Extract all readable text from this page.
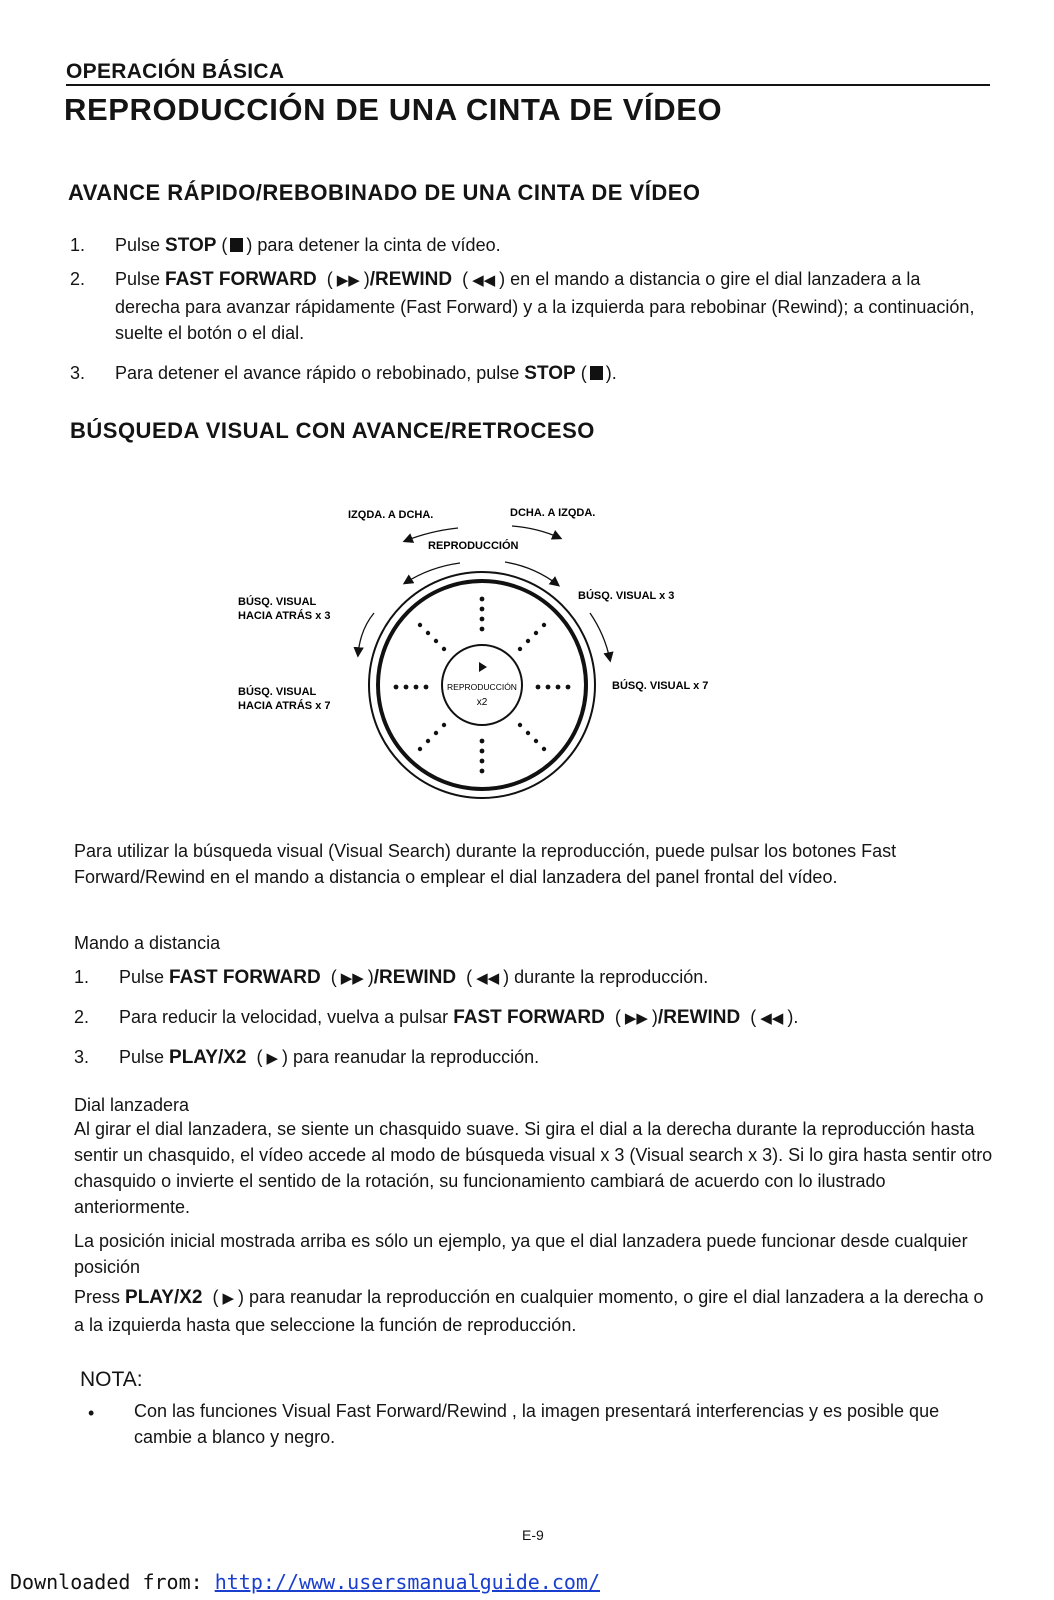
OPERACIÓN BÁSICA
REPRODUCCIÓN DE UNA CINTA DE VÍDEO
AVANCE RÁPIDO/REBOBINADO DE UNA CINTA DE VÍDEO
1. Pulse STOP ( ) para detener la cinta de vídeo.
2. Pulse FAST FORWARD  ( ▶▶ )/REWIND  ( ◀◀ ) en el mando a distancia o gire el dial lanzadera a la derecha para avanzar rápidamente (Fast Forward) y a la izquierda para rebobinar (Rewind); a continuación, suelte el botón o el dial.
3. Para detener el avance rápido o rebobinado, pulse STOP ( ).
BÚSQUEDA VISUAL CON AVANCE/RETROCESO
IZQDA. A DCHA.	DCHA. A IZQDA.
REPRODUCCIÓN
BÚSQ. VISUAL
HACIA ATRÁS x 3
BÚSQ. VISUAL
HACIA ATRÁS x 7
BÚSQ. VISUAL x 3
BÚSQ. VISUAL x 7
REPRODUCCIÓN
x2
Para utilizar la búsqueda visual (Visual Search) durante la reproducción, puede pulsar los botones Fast Forward/Rewind en el mando a distancia o emplear el dial lanzadera del panel frontal del vídeo.
Mando a distancia
1. Pulse FAST FORWARD  ( ▶▶ )/REWIND  ( ◀◀ ) durante la reproducción.
2. Para reducir la velocidad, vuelva a pulsar FAST FORWARD  ( ▶▶ )/REWIND  ( ◀◀ ).
3. Pulse PLAY/X2  ( ▶ ) para reanudar la reproducción.
Dial lanzadera
Al girar el dial lanzadera, se siente un chasquido suave. Si gira el dial a la derecha durante la reproducción hasta sentir un chasquido, el vídeo accede al modo de búsqueda visual x 3 (Visual search x 3). Si lo gira hasta sentir otro chasquido o invierte el sentido de la rotación, su funcionamiento cambiará de acuerdo con lo ilustrado anteriormente.
La posición inicial mostrada arriba es sólo un ejemplo, ya que el dial lanzadera puede funcionar desde cualquier posición
Press PLAY/X2  ( ▶ ) para reanudar la reproducción en cualquier momento, o gire el dial lanzadera a la derecha o a la izquierda hasta que seleccione la función de reproducción.
NOTA:
• Con las funciones Visual Fast Forward/Rewind , la imagen presentará interferencias y es posible que cambie a blanco y negro.
E-9
Downloaded from: http://www.usersmanualguide.com/
